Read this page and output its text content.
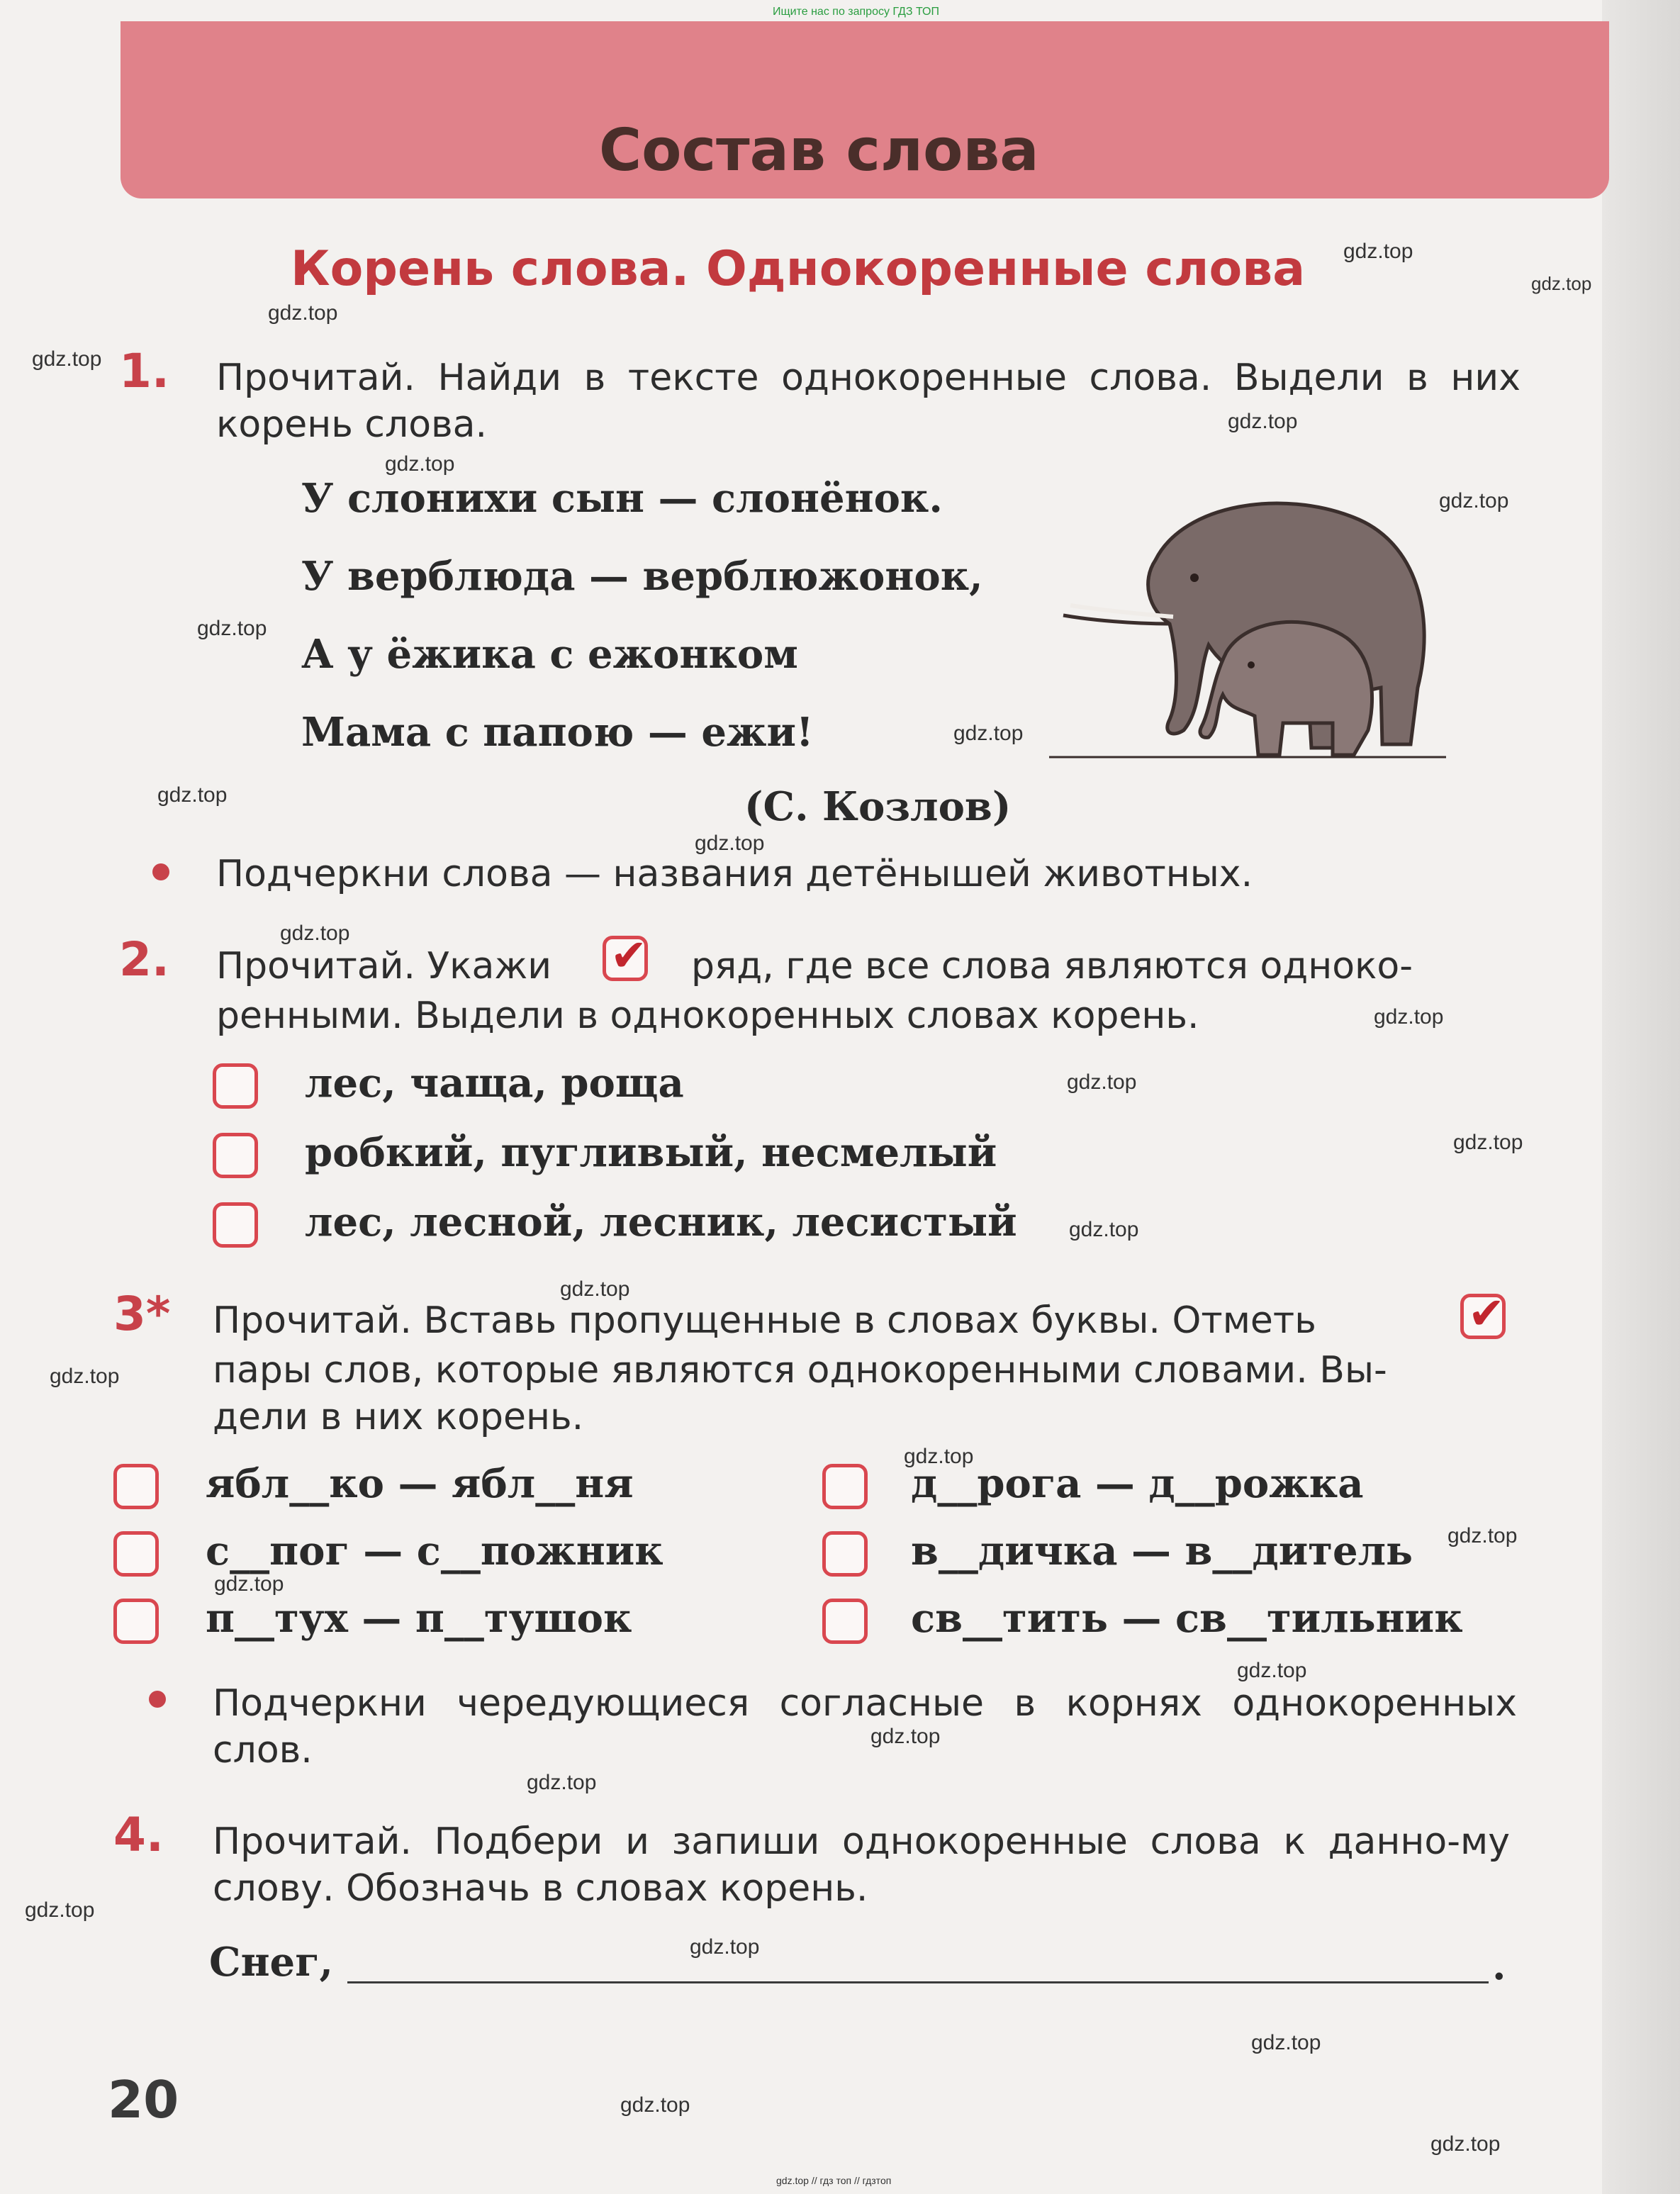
Ищите нас по запросу ГДЗ ТОП
Состав слова
Корень слова. Однокоренные слова
1. Прочитай. Найди в тексте однокоренные слова. Выдели в них корень слова.
У слонихи сын — слонёнок.
У верблюда — верблюжонок,
А у ёжика с ежонком
Мама с папою — ежи!
(С. Козлов)
Подчеркни слова — названия детёнышей животных.
2. Прочитай. Укажи ✔ ряд, где все слова являются одноко-
ренными. Выдели в однокоренных словах корень.
лес, чаща, роща
робкий, пугливый, несмелый
лес, лесной, лесник, лесистый
3* Прочитай. Вставь пропущенные в словах буквы. Отметь	✔
пары слов, которые являются однокоренными словами. Вы-
дели в них корень.
ябл__ко — ябл__ня
с__пог — с__пожник
п__тух — п__тушок
д__рога — д__рожка
в__дичка — в__дитель
св__тить — св__тильник
Подчеркни чередующиеся согласные в корнях однокоренных слов.
4. Прочитай. Подбери и запиши однокоренные слова к данно-му слову. Обозначь в словах корень.
Снег,	.
20
gdz.top
gdz.top
gdz.top
gdz.top
gdz.top
gdz.top
gdz.top
gdz.top
gdz.top
gdz.top
gdz.top
gdz.top
gdz.top
gdz.top
gdz.top
gdz.top
gdz.top
gdz.top
gdz.top
gdz.top
gdz.top
gdz.top
gdz.top
gdz.top
gdz.top
gdz.top
gdz.top
gdz.top
gdz.top
gdz.top // гдз топ // гдзтоп
